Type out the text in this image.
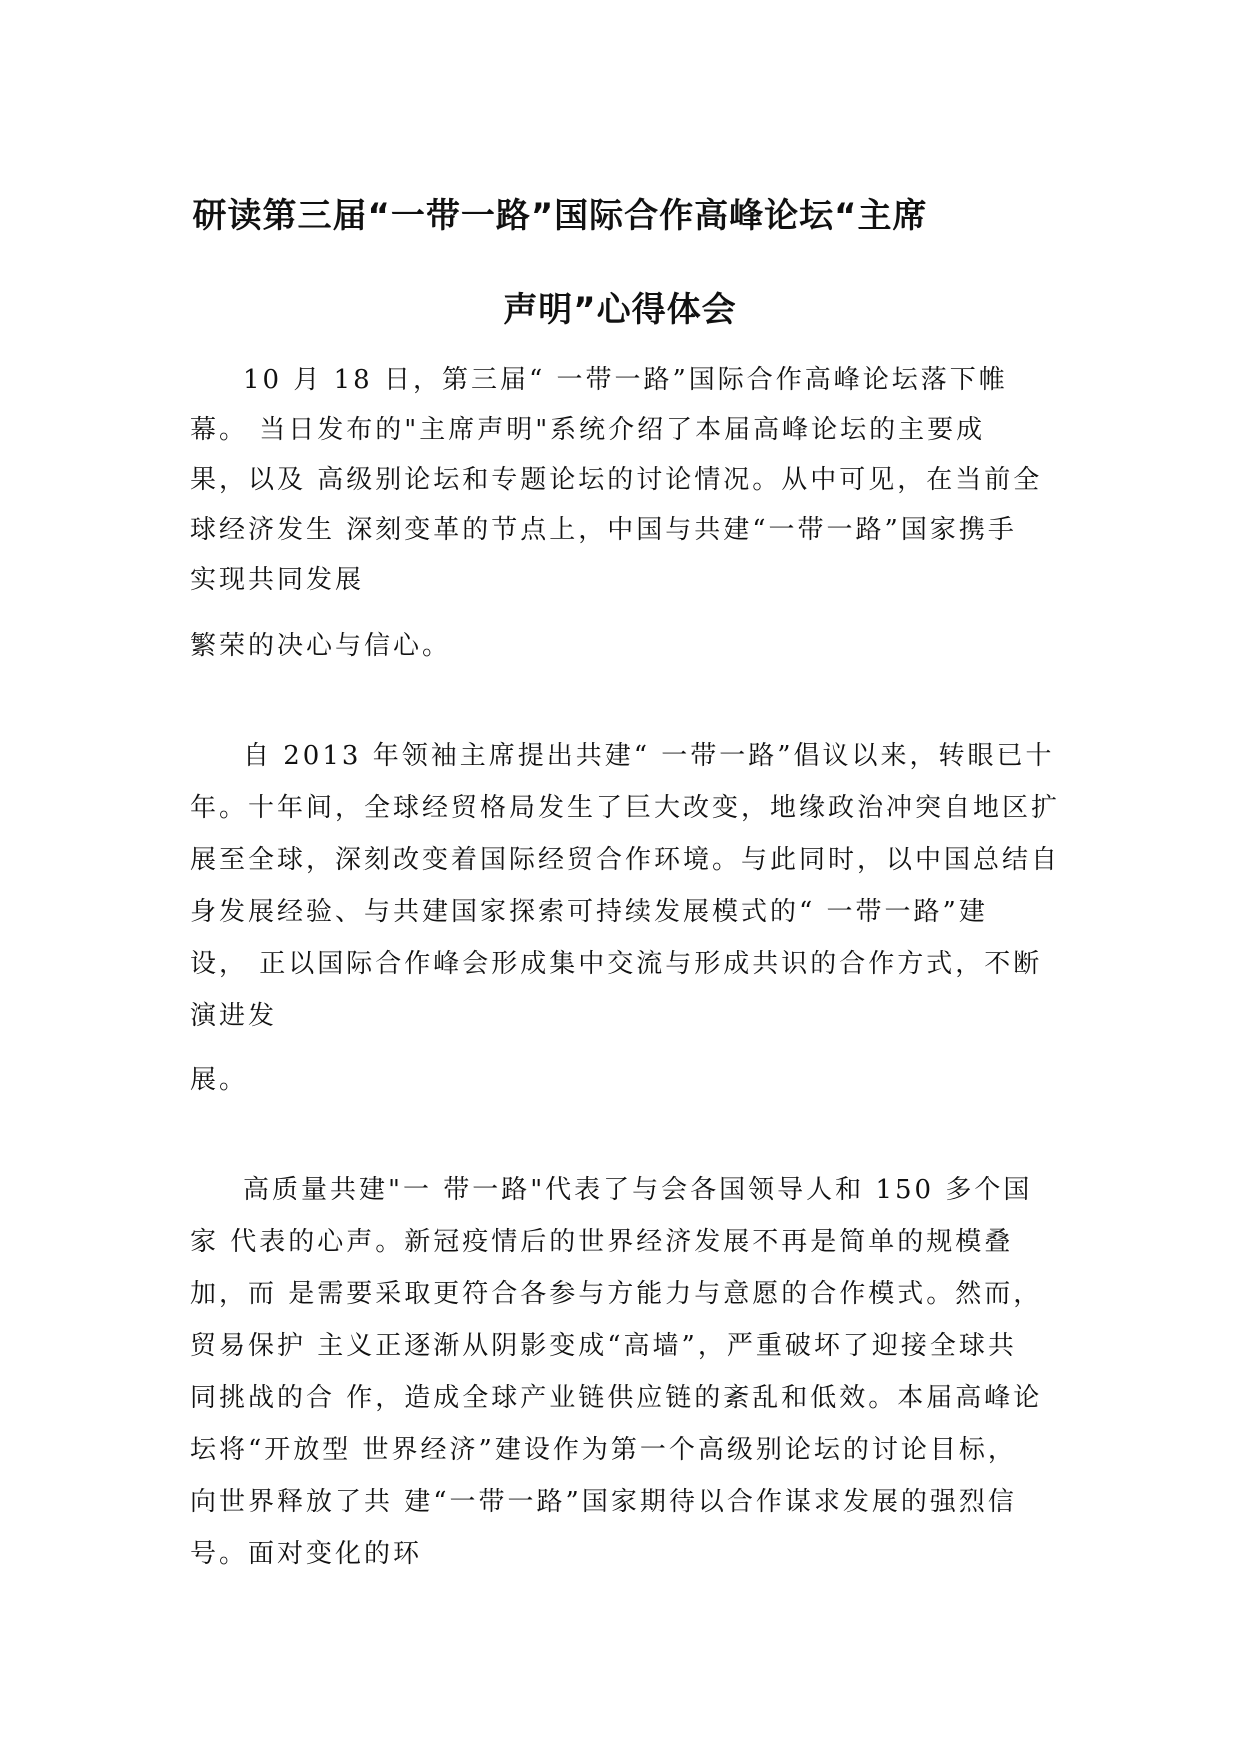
研读第三届“一带一路”国际合作高峰论坛“主席
声明”心得体会
10 月 18 日，第三届“ 一带一路”国际合作高峰论坛落下帷
幕。 当日发布的"主席声明"系统介绍了本届高峰论坛的主要成
果，以及 高级别论坛和专题论坛的讨论情况。从中可见，在当前全
球经济发生 深刻变革的节点上，中国与共建“一带一路”国家携手
实现共同发展
繁荣的决心与信心。
自 2013 年领袖主席提出共建“ 一带一路”倡议以来，转眼已十
年。十年间，全球经贸格局发生了巨大改变，地缘政治冲突自地区扩
展至全球，深刻改变着国际经贸合作环境。与此同时，以中国总结自
身发展经验、与共建国家探索可持续发展模式的“ 一带一路”建
设， 正以国际合作峰会形成集中交流与形成共识的合作方式，不断
演进发
展。
高质量共建"一 带一路"代表了与会各国领导人和 150 多个国
家 代表的心声。新冠疫情后的世界经济发展不再是简单的规模叠
加，而 是需要采取更符合各参与方能力与意愿的合作模式。然而，
贸易保护 主义正逐渐从阴影变成“高墙”，严重破坏了迎接全球共
同挑战的合 作，造成全球产业链供应链的紊乱和低效。本届高峰论
坛将“开放型 世界经济”建设作为第一个高级别论坛的讨论目标，
向世界释放了共 建“一带一路”国家期待以合作谋求发展的强烈信
号。面对变化的环
